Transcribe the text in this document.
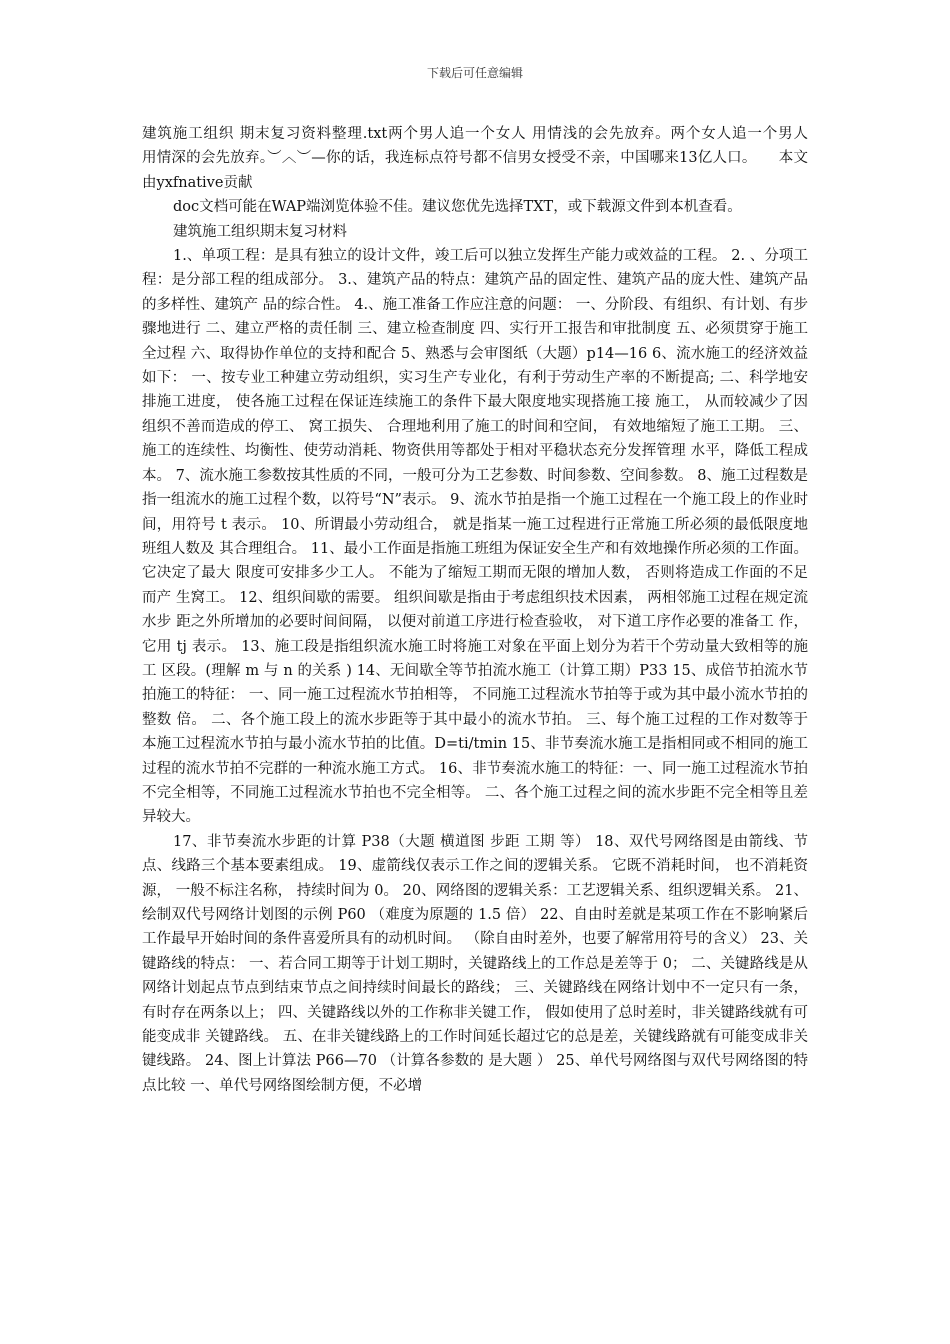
下载后可任意编辑

建筑施工组织 期末复习资料整理.txt两个男人追一个女人 用情浅的会先放弃。两个女人追一个男人　　用情深的会先放弃。︶︿︶—你的话，我连标点符号都不信男女授受不亲，中国哪来13亿人口。　　本文由yxfnative贡献

doc文档可能在WAP端浏览体验不佳。建议您优先选择TXT，或下载源文件到本机查看。

建筑施工组织期末复习材料

1.、单项工程：是具有独立的设计文件，竣工后可以独立发挥生产能力或效益的工程。 2. 、分项工程：是分部工程的组成部分。 3.、建筑产品的特点：建筑产品的固定性、建筑产品的庞大性、建筑产品的多样性、建筑产 品的综合性。 4.、施工准备工作应注意的问题： 一、分阶段、有组织、有计划、有步骤地进行 二、建立严格的责任制 三、建立检查制度 四、实行开工报告和审批制度 五、必须贯穿于施工全过程 六、取得协作单位的支持和配合 5、熟悉与会审图纸（大题）p14—16 6、流水施工的经济效益如下： 一、按专业工种建立劳动组织，实习生产专业化，有利于劳动生产率的不断提高; 二、科学地安排施工进度， 使各施工过程在保证连续施工的条件下最大限度地实现搭施工接 施工， 从而较减少了因组织不善而造成的停工、 窝工损失、 合理地利用了施工的时间和空间， 有效地缩短了施工工期。 三、施工的连续性、均衡性、使劳动消耗、物资供用等都处于相对平稳状态充分发挥管理 水平，降低工程成本。 7、流水施工参数按其性质的不同，一般可分为工艺参数、时间参数、空间参数。 8、施工过程数是指一组流水的施工过程个数，以符号“N”表示。 9、流水节拍是指一个施工过程在一个施工段上的作业时间，用符号 t 表示。 10、所谓最小劳动组合， 就是指某一施工过程进行正常施工所必须的最低限度地班组人数及 其合理组合。 11、最小工作面是指施工班组为保证安全生产和有效地操作所必须的工作面。它决定了最大 限度可安排多少工人。 不能为了缩短工期而无限的增加人数， 否则将造成工作面的不足而产 生窝工。 12、组织间歇的需要。 组织间歇是指由于考虑组织技术因素， 两相邻施工过程在规定流水步 距之外所增加的必要时间间隔， 以便对前道工序进行检查验收， 对下道工序作必要的准备工 作，它用 tj 表示。 13、施工段是指组织流水施工时将施工对象在平面上划分为若干个劳动量大致相等的施工 区段。(理解 m 与 n 的关系 ) 14、无间歇全等节拍流水施工（计算工期）P33 15、成倍节拍流水节拍施工的特征： 一、同一施工过程流水节拍相等， 不同施工过程流水节拍等于或为其中最小流水节拍的整数 倍。 二、各个施工段上的流水步距等于其中最小的流水节拍。 三、每个施工过程的工作对数等于本施工过程流水节拍与最小流水节拍的比值。D=ti/tmin 15、非节奏流水施工是指相同或不相同的施工过程的流水节拍不完群的一种流水施工方式。 16、非节奏流水施工的特征：一、同一施工过程流水节拍不完全相等，不同施工过程流水节拍也不完全相等。 二、各个施工过程之间的流水步距不完全相等且差异较大。

17、非节奏流水步距的计算 P38（大题 横道图 步距 工期 等） 18、双代号网络图是由箭线、节点、线路三个基本要素组成。 19、虚箭线仅表示工作之间的逻辑关系。 它既不消耗时间， 也不消耗资源， 一般不标注名称， 持续时间为 0。 20、网络图的逻辑关系：工艺逻辑关系、组织逻辑关系。 21、绘制双代号网络计划图的示例 P60 （难度为原题的 1.5 倍） 22、自由时差就是某项工作在不影响紧后工作最早开始时间的条件喜爱所具有的动机时间。 （除自由时差外，也要了解常用符号的含义） 23、关键路线的特点： 一、若合同工期等于计划工期时，关键路线上的工作总是差等于 0； 二、关键路线是从网络计划起点节点到结束节点之间持续时间最长的路线； 三、关键路线在网络计划中不一定只有一条，有时存在两条以上； 四、关键路线以外的工作称非关键工作， 假如使用了总时差时，非关键路线就有可能变成非 关键路线。 五、在非关键线路上的工作时间延长超过它的总是差，关键线路就有可能变成非关键线路。 24、图上计算法 P66—70 （计算各参数的 是大题 ） 25、单代号网络图与双代号网络图的特点比较 一、单代号网络图绘制方便，不必增
